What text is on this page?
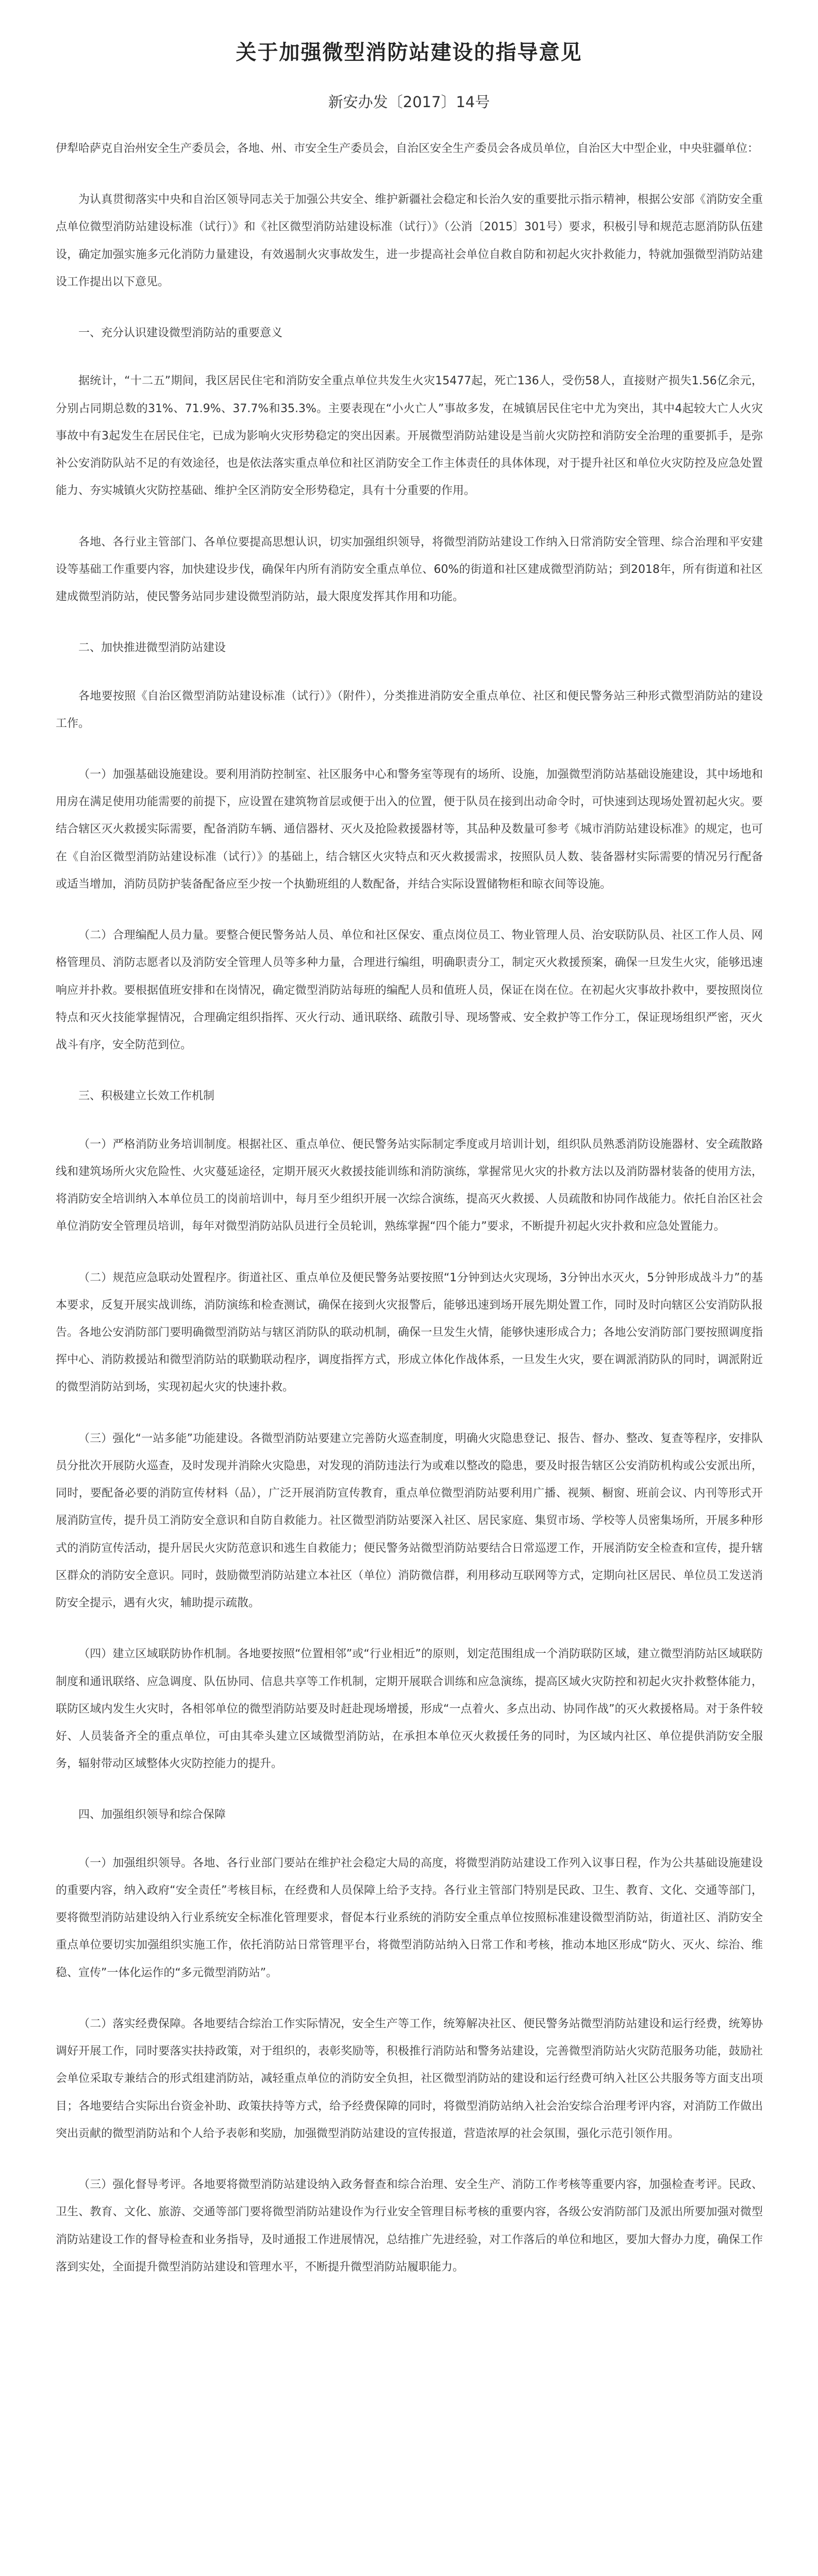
关于加强微型消防站建设的指导意见

新安办发〔2017〕14号

伊犁哈萨克自治州安全生产委员会，各地、州、市安全生产委员会，自治区安全生产委员会各成员单位，自治区大中型企业，中央驻疆单位：

为认真贯彻落实中央和自治区领导同志关于加强公共安全、维护新疆社会稳定和长治久安的重要批示指示精神，根据公安部《消防安全重点单位微型消防站建设标准（试行）》和《社区微型消防站建设标准（试行）》（公消〔2015〕301号）要求，积极引导和规范志愿消防队伍建设，确定加强实施多元化消防力量建设，有效遏制火灾事故发生，进一步提高社会单位自救自防和初起火灾扑救能力，特就加强微型消防站建设工作提出以下意见。

一、充分认识建设微型消防站的重要意义

据统计，“十二五”期间，我区居民住宅和消防安全重点单位共发生火灾15477起，死亡136人，受伤58人，直接财产损失1.56亿余元，分别占同期总数的31%、71.9%、37.7%和35.3%。主要表现在“小火亡人”事故多发，在城镇居民住宅中尤为突出，其中4起较大亡人火灾事故中有3起发生在居民住宅，已成为影响火灾形势稳定的突出因素。开展微型消防站建设是当前火灾防控和消防安全治理的重要抓手，是弥补公安消防队站不足的有效途径，也是依法落实重点单位和社区消防安全工作主体责任的具体体现，对于提升社区和单位火灾防控及应急处置能力、夯实城镇火灾防控基础、维护全区消防安全形势稳定，具有十分重要的作用。

各地、各行业主管部门、各单位要提高思想认识，切实加强组织领导，将微型消防站建设工作纳入日常消防安全管理、综合治理和平安建设等基础工作重要内容，加快建设步伐，确保年内所有消防安全重点单位、60%的街道和社区建成微型消防站；到2018年，所有街道和社区建成微型消防站，使民警务站同步建设微型消防站，最大限度发挥其作用和功能。

二、加快推进微型消防站建设

各地要按照《自治区微型消防站建设标准（试行）》（附件），分类推进消防安全重点单位、社区和便民警务站三种形式微型消防站的建设工作。

（一）加强基础设施建设。要利用消防控制室、社区服务中心和警务室等现有的场所、设施，加强微型消防站基础设施建设，其中场地和用房在满足使用功能需要的前提下，应设置在建筑物首层或便于出入的位置，便于队员在接到出动命令时，可快速到达现场处置初起火灾。要结合辖区灭火救援实际需要，配备消防车辆、通信器材、灭火及抢险救援器材等，其品种及数量可参考《城市消防站建设标准》的规定，也可在《自治区微型消防站建设标准（试行）》的基础上，结合辖区火灾特点和灭火救援需求，按照队员人数、装备器材实际需要的情况另行配备或适当增加，消防员防护装备配备应至少按一个执勤班组的人数配备，并结合实际设置储物柜和晾衣间等设施。

（二）合理编配人员力量。要整合便民警务站人员、单位和社区保安、重点岗位员工、物业管理人员、治安联防队员、社区工作人员、网格管理员、消防志愿者以及消防安全管理人员等多种力量，合理进行编组，明确职责分工，制定灭火救援预案，确保一旦发生火灾，能够迅速响应并扑救。要根据值班安排和在岗情况，确定微型消防站每班的编配人员和值班人员，保证在岗在位。在初起火灾事故扑救中，要按照岗位特点和灭火技能掌握情况，合理确定组织指挥、灭火行动、通讯联络、疏散引导、现场警戒、安全救护等工作分工，保证现场组织严密，灭火战斗有序，安全防范到位。

三、积极建立长效工作机制

（一）严格消防业务培训制度。根据社区、重点单位、便民警务站实际制定季度或月培训计划，组织队员熟悉消防设施器材、安全疏散路线和建筑场所火灾危险性、火灾蔓延途径，定期开展灭火救援技能训练和消防演练，掌握常见火灾的扑救方法以及消防器材装备的使用方法，将消防安全培训纳入本单位员工的岗前培训中，每月至少组织开展一次综合演练，提高灭火救援、人员疏散和协同作战能力。依托自治区社会单位消防安全管理员培训，每年对微型消防站队员进行全员轮训，熟练掌握“四个能力”要求，不断提升初起火灾扑救和应急处置能力。

（二）规范应急联动处置程序。街道社区、重点单位及便民警务站要按照“1分钟到达火灾现场，3分钟出水灭火，5分钟形成战斗力”的基本要求，反复开展实战训练，消防演练和检查测试，确保在接到火灾报警后，能够迅速到场开展先期处置工作，同时及时向辖区公安消防队报告。各地公安消防部门要明确微型消防站与辖区消防队的联动机制，确保一旦发生火情，能够快速形成合力；各地公安消防部门要按照调度指挥中心、消防救援站和微型消防站的联勤联动程序，调度指挥方式，形成立体化作战体系，一旦发生火灾，要在调派消防队的同时，调派附近的微型消防站到场，实现初起火灾的快速扑救。

（三）强化“一站多能”功能建设。各微型消防站要建立完善防火巡查制度，明确火灾隐患登记、报告、督办、整改、复查等程序，安排队员分批次开展防火巡查，及时发现并消除火灾隐患，对发现的消防违法行为或难以整改的隐患，要及时报告辖区公安消防机构或公安派出所，同时，要配备必要的消防宣传材料（品），广泛开展消防宣传教育，重点单位微型消防站要利用广播、视频、橱窗、班前会议、内刊等形式开展消防宣传，提升员工消防安全意识和自防自救能力。社区微型消防站要深入社区、居民家庭、集贸市场、学校等人员密集场所，开展多种形式的消防宣传活动，提升居民火灾防范意识和逃生自救能力；便民警务站微型消防站要结合日常巡逻工作，开展消防安全检查和宣传，提升辖区群众的消防安全意识。同时，鼓励微型消防站建立本社区（单位）消防微信群，利用移动互联网等方式，定期向社区居民、单位员工发送消防安全提示，遇有火灾，辅助提示疏散。

（四）建立区域联防协作机制。各地要按照“位置相邻”或“行业相近”的原则，划定范围组成一个消防联防区域，建立微型消防站区域联防制度和通讯联络、应急调度、队伍协同、信息共享等工作机制，定期开展联合训练和应急演练，提高区域火灾防控和初起火灾扑救整体能力，联防区域内发生火灾时，各相邻单位的微型消防站要及时赶赴现场增援，形成“一点着火、多点出动、协同作战”的灭火救援格局。对于条件较好、人员装备齐全的重点单位，可由其牵头建立区域微型消防站，在承担本单位灭火救援任务的同时，为区域内社区、单位提供消防安全服务，辐射带动区域整体火灾防控能力的提升。

四、加强组织领导和综合保障

（一）加强组织领导。各地、各行业部门要站在维护社会稳定大局的高度，将微型消防站建设工作列入议事日程，作为公共基础设施建设的重要内容，纳入政府“安全责任”考核目标，在经费和人员保障上给予支持。各行业主管部门特别是民政、卫生、教育、文化、交通等部门，要将微型消防站建设纳入行业系统安全标准化管理要求，督促本行业系统的消防安全重点单位按照标准建设微型消防站，街道社区、消防安全重点单位要切实加强组织实施工作，依托消防站日常管理平台，将微型消防站纳入日常工作和考核，推动本地区形成“防火、灭火、综治、维稳、宣传”一体化运作的“多元微型消防站”。

（二）落实经费保障。各地要结合综治工作实际情况，安全生产等工作，统筹解决社区、便民警务站微型消防站建设和运行经费，统筹协调好开展工作，同时要落实扶持政策，对于组织的，表彰奖励等，积极推行消防站和警务站建设，完善微型消防站火灾防范服务功能，鼓励社会单位采取专兼结合的形式组建消防站，减轻重点单位的消防安全负担，社区微型消防站的建设和运行经费可纳入社区公共服务等方面支出项目；各地要结合实际出台资金补助、政策扶持等方式，给予经费保障的同时，将微型消防站纳入社会治安综合治理考评内容，对消防工作做出突出贡献的微型消防站和个人给予表彰和奖励，加强微型消防站建设的宣传报道，营造浓厚的社会氛围，强化示范引领作用。

（三）强化督导考评。各地要将微型消防站建设纳入政务督查和综合治理、安全生产、消防工作考核等重要内容，加强检查考评。民政、卫生、教育、文化、旅游、交通等部门要将微型消防站建设作为行业安全管理目标考核的重要内容，各级公安消防部门及派出所要加强对微型消防站建设工作的督导检查和业务指导，及时通报工作进展情况，总结推广先进经验，对工作落后的单位和地区，要加大督办力度，确保工作落到实处，全面提升微型消防站建设和管理水平，不断提升微型消防站履职能力。
